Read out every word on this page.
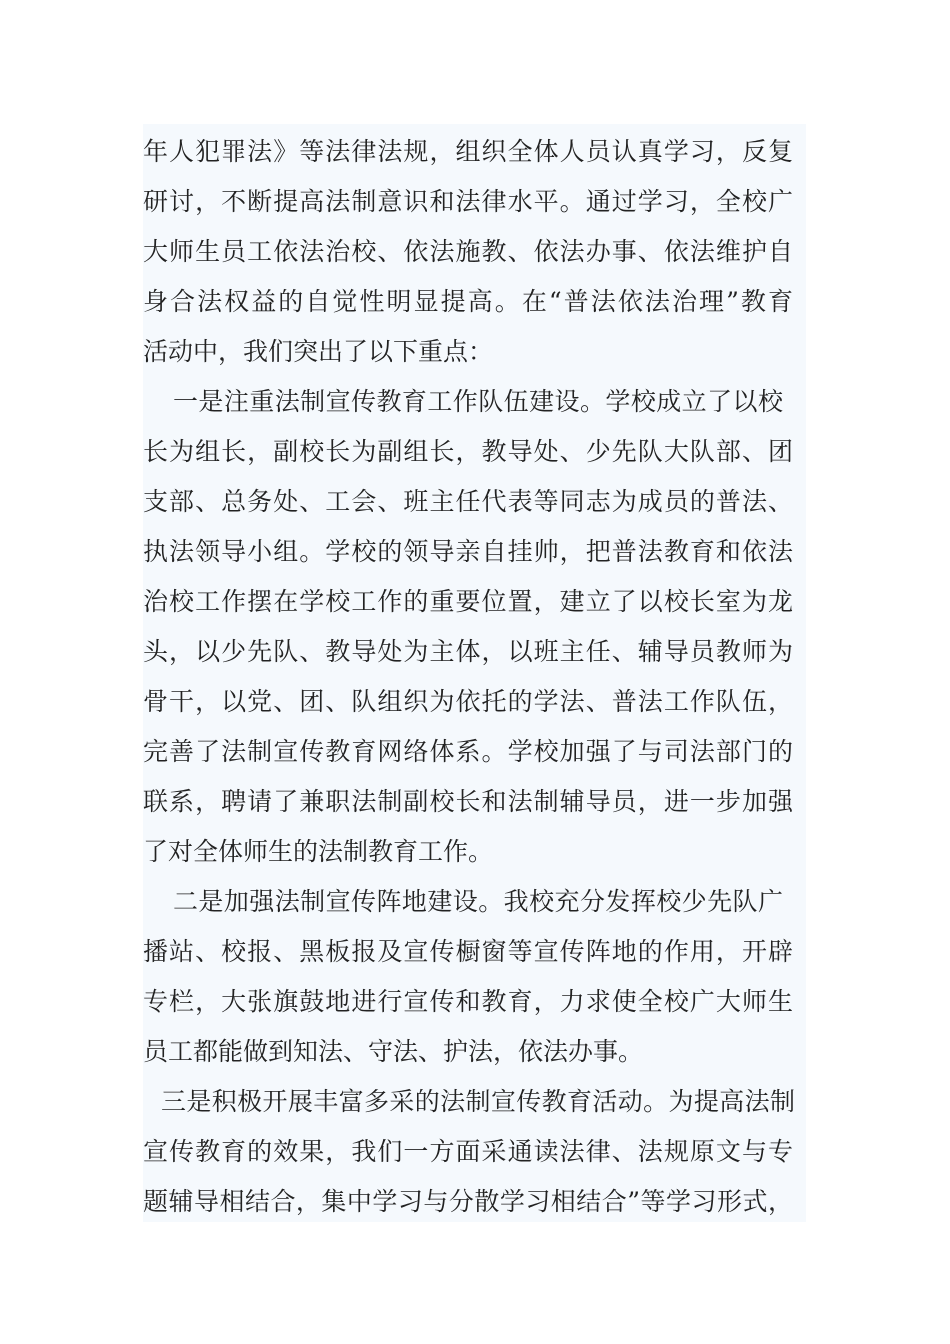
年人犯罪法》等法律法规，组织全体人员认真学习，反复
研讨，不断提高法制意识和法律水平。通过学习，全校广
大师生员工依法治校、依法施教、依法办事、依法维护自
身合法权益的自觉性明显提高。在“普法依法治理”教育
活动中，我们突出了以下重点：
一是注重法制宣传教育工作队伍建设。学校成立了以校
长为组长，副校长为副组长，教导处、少先队大队部、团
支部、总务处、工会、班主任代表等同志为成员的普法、
执法领导小组。学校的领导亲自挂帅，把普法教育和依法
治校工作摆在学校工作的重要位置，建立了以校长室为龙
头，以少先队、教导处为主体，以班主任、辅导员教师为
骨干，以党、团、队组织为依托的学法、普法工作队伍，
完善了法制宣传教育网络体系。学校加强了与司法部门的
联系，聘请了兼职法制副校长和法制辅导员，进一步加强
了对全体师生的法制教育工作。
二是加强法制宣传阵地建设。我校充分发挥校少先队广
播站、校报、黑板报及宣传橱窗等宣传阵地的作用，开辟
专栏，大张旗鼓地进行宣传和教育，力求使全校广大师生
员工都能做到知法、守法、护法，依法办事。
三是积极开展丰富多采的法制宣传教育活动。为提高法制
宣传教育的效果，我们一方面采通读法律、法规原文与专
题辅导相结合，集中学习与分散学习相结合”等学习形式，
